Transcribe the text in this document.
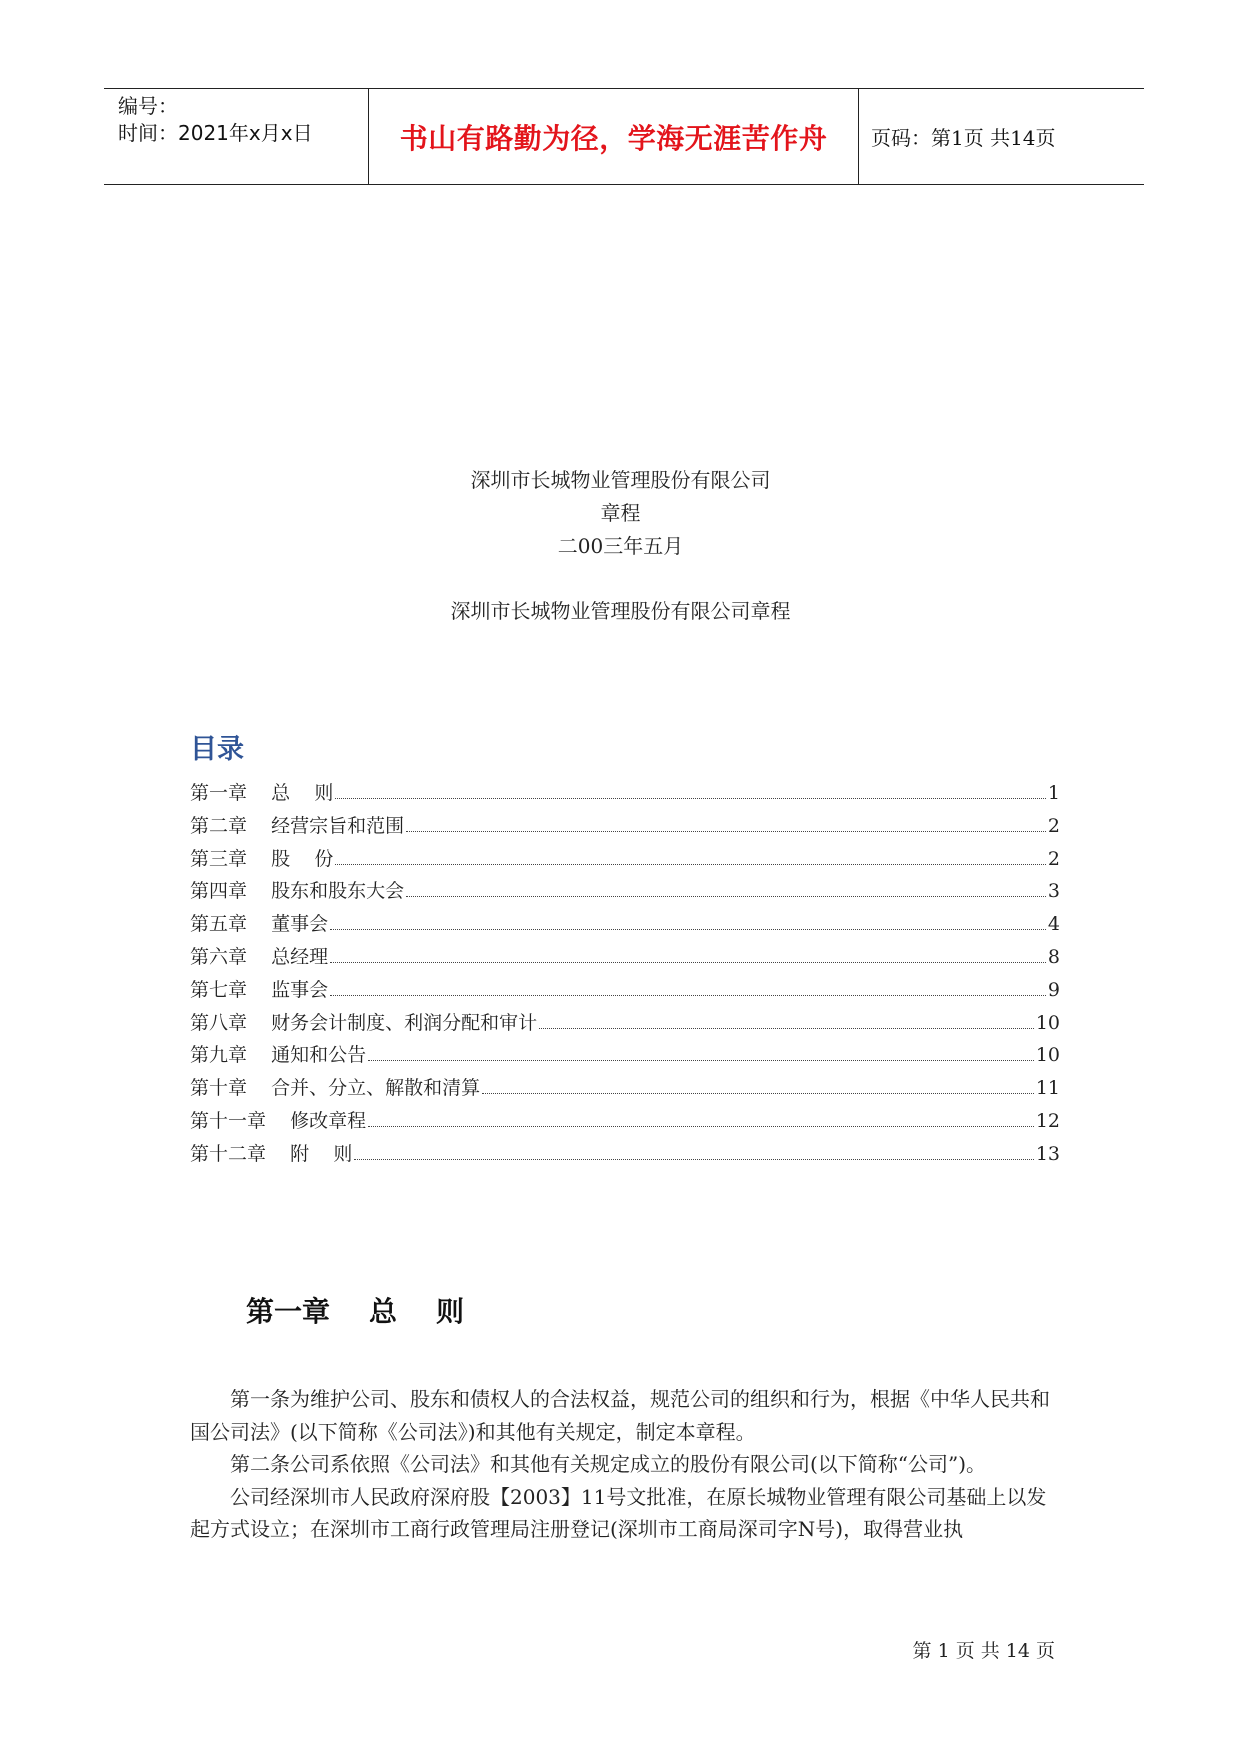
编号：
时间：2021年x月x日	书山有路勤为径，学海无涯苦作舟	页码：第1页 共14页
深圳市长城物业管理股份有限公司
章程
二00三年五月
深圳市长城物业管理股份有限公司章程
目录
第一章    总    则	1
第二章    经营宗旨和范围	2
第三章    股    份	2
第四章    股东和股东大会	3
第五章    董事会	4
第六章    总经理	8
第七章    监事会	9
第八章    财务会计制度、利润分配和审计	10
第九章    通知和公告	10
第十章    合并、分立、解散和清算	11
第十一章    修改章程	12
第十二章    附    则	13
第一章    总    则

第一条为维护公司、股东和债权人的合法权益，规范公司的组织和行为，根据《中华人民共和国公司法》(以下简称《公司法》)和其他有关规定，制定本章程。

第二条公司系依照《公司法》和其他有关规定成立的股份有限公司(以下简称“公司”)。

公司经深圳市人民政府深府股【2003】11号文批准，在原长城物业管理有限公司基础上以发

起方式设立；在深圳市工商行政管理局注册登记(深圳市工商局深司字N号)，取得营业执

第 1 页 共 14 页
